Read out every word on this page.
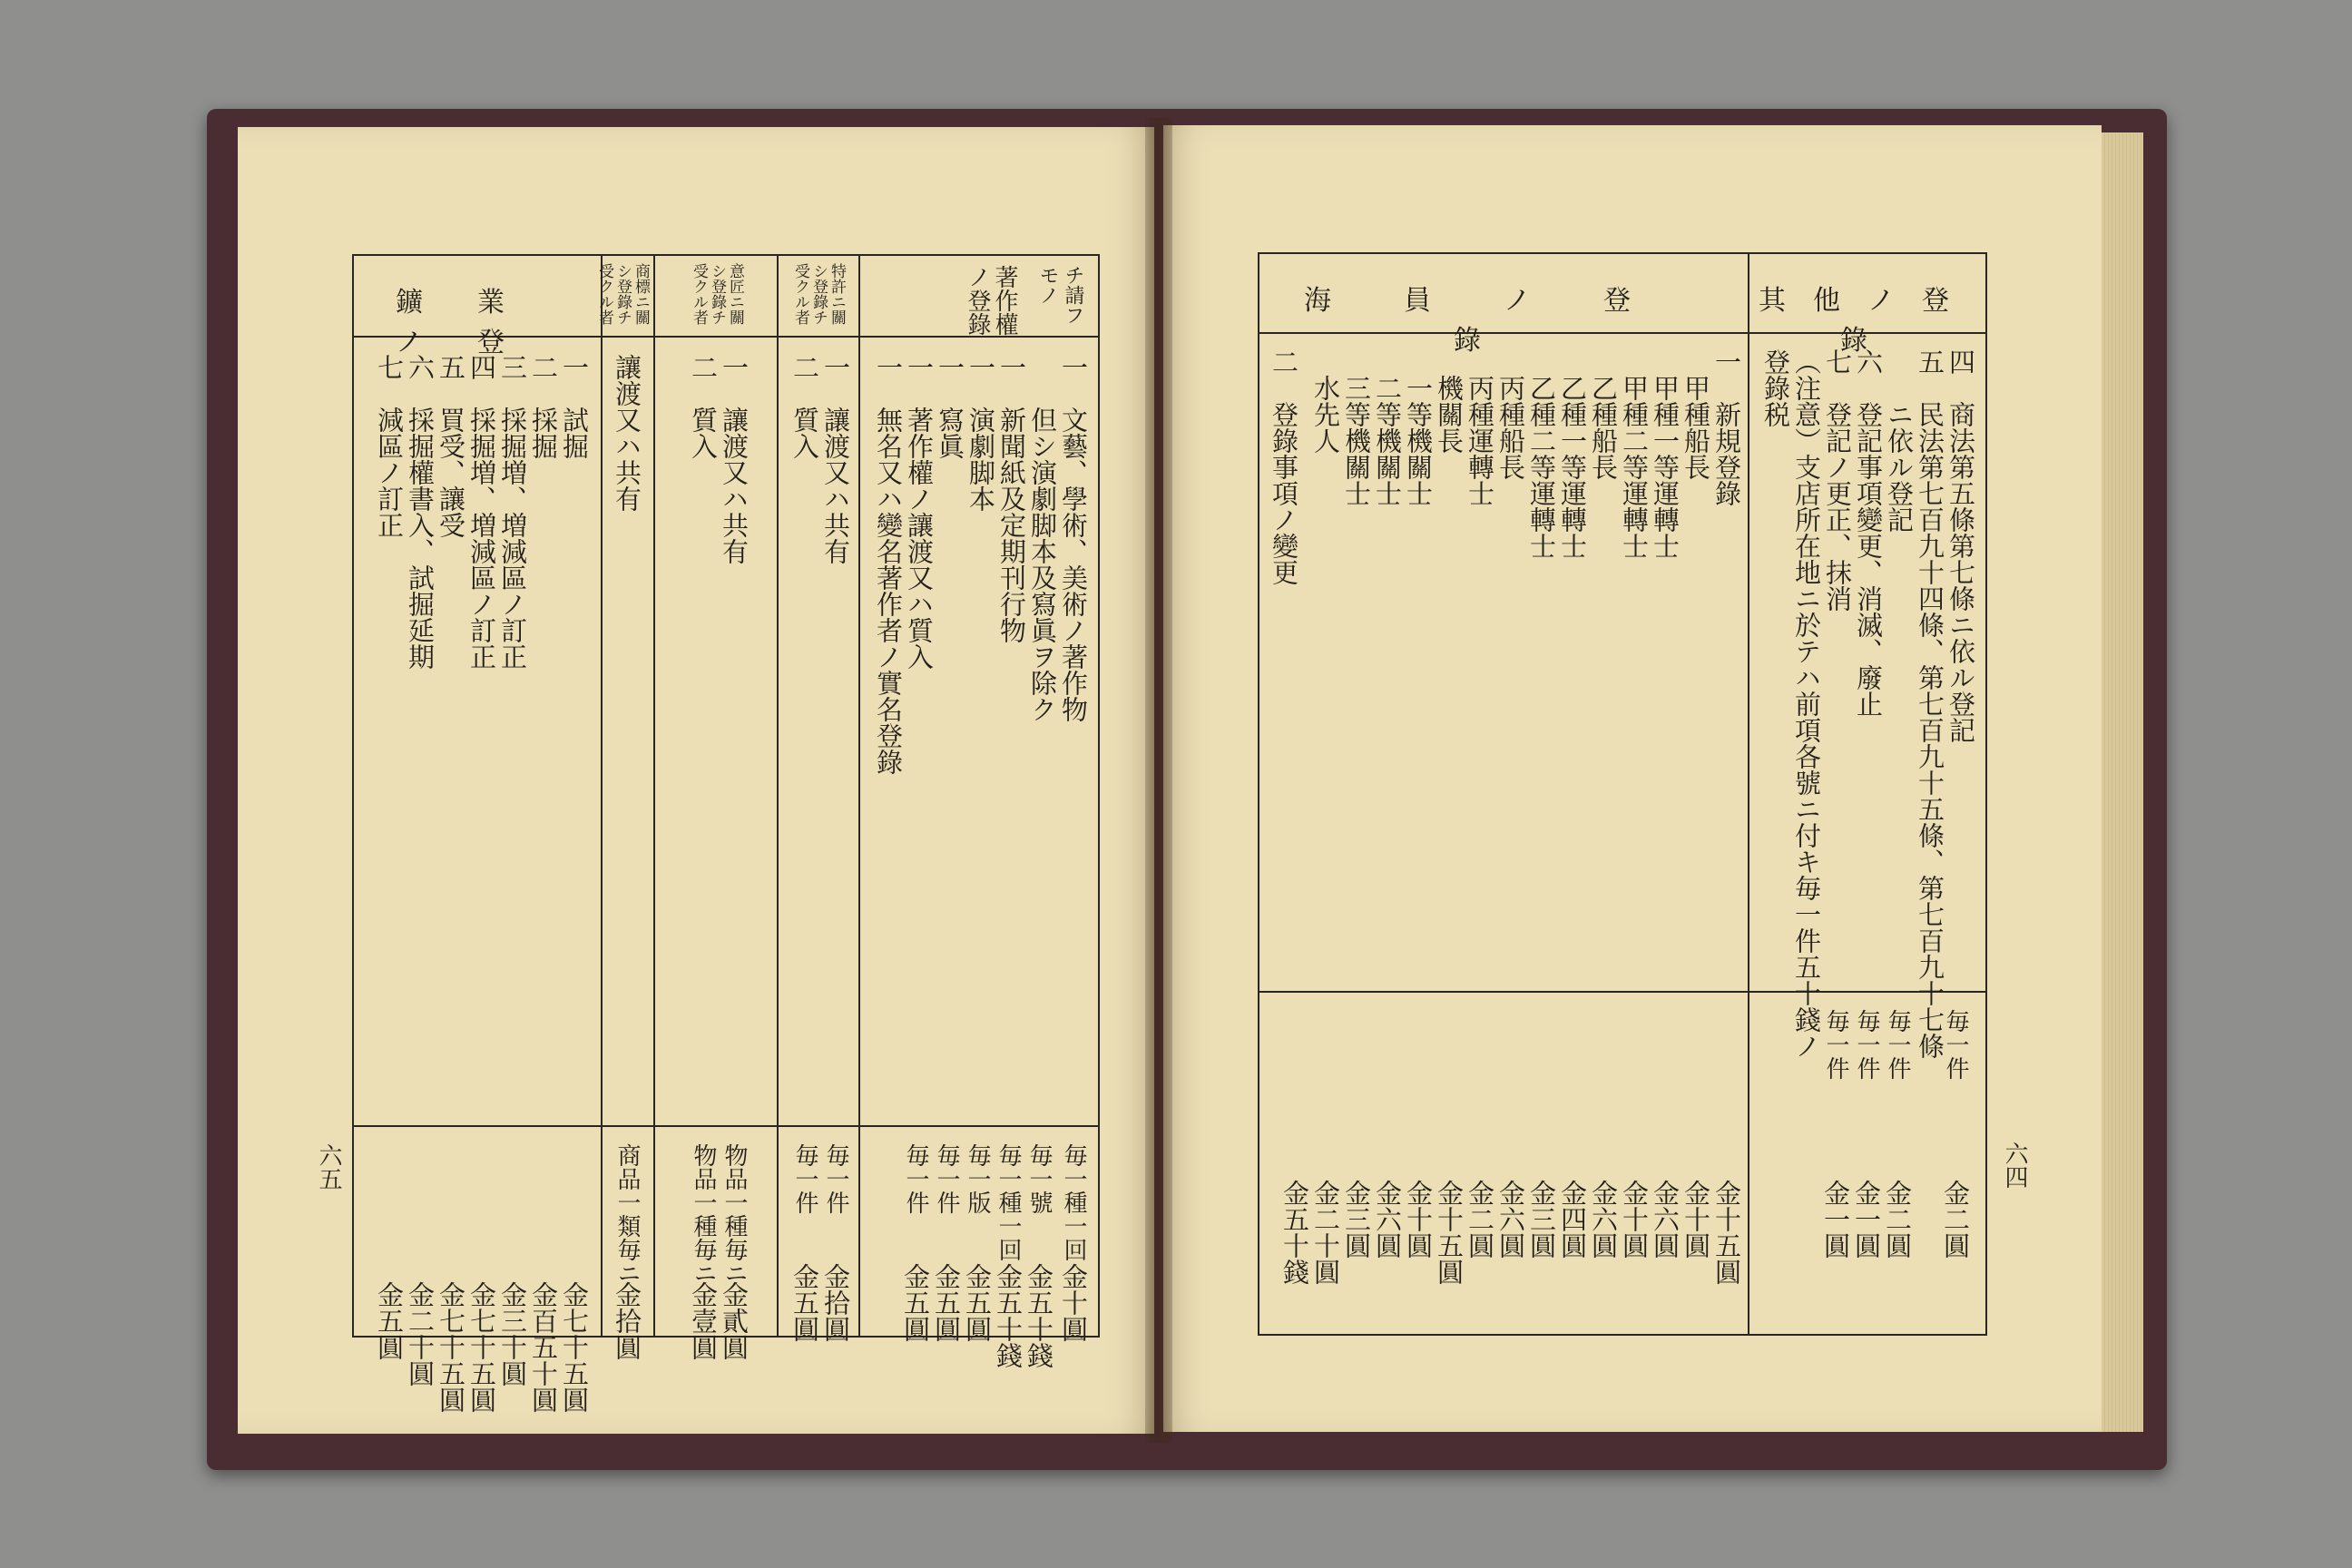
著作權ノ登錄	チ請フモノ
一　文藝、學術、美術ノ著作物
　　但シ演劇脚本及寫眞ヲ除ク
一　新聞紙及定期刊行物
一　演劇脚本
一　寫眞
一　著作權ノ讓渡又ハ質入
一　無名又ハ變名著作者ノ實名登錄
毎一種一回
毎一號
毎一種一回
毎一版
毎一件
毎一件
金十圓
金五十錢
金五十錢
金五圓
金五圓
金五圓
特許ニ關シ登錄チ受クル者
一　讓渡又ハ共有
二　質入
毎一件
毎一件
金拾圓
金五圓
意匠ニ關シ登錄チ受クル者
一　讓渡又ハ共有
二　質入
物品一種毎ニ
物品一種毎ニ
金貳圓
金壹圓
商標ニ關シ登錄チ受クル者
讓渡又ハ共有
商品一類毎ニ
金拾圓
鑛業ノ登
一　試掘
二　採掘
三　採掘増、増減區ノ訂正
四　採掘増、増減區ノ訂正
五　買受、讓受
六　採掘權書入、試掘延期
七　減區ノ訂正
金七十五圓
金百五十圓
金三十圓
金七十五圓
金七十五圓
金二十圓
金五圓
六五
其他ノ登錄
四　商法第五條第七條ニ依ル登記
五　民法第七百九十四條、第七百九十五條、第七百九十七條
　　ニ依ル登記
六　登記事項變更、消滅、廢止
七　登記ノ更正、抹消
（注意）支店所在地ニ於テハ前項各號ニ付キ毎一件五十錢ノ
登錄税
毎一件
毎一件
毎一件
毎一件
金二圓
金二圓
金一圓
金一圓
海員ノ登錄
一　新規登錄
　甲種船長
　甲種一等運轉士
　甲種二等運轉士
　乙種船長
　乙種一等運轉士
　乙種二等運轉士
　丙種船長
　丙種運轉士
　機關長
　一等機關士
　二等機關士
　三等機關士
　水先人
二　登錄事項ノ變更
金十五圓
金十圓
金六圓
金十圓
金六圓
金四圓
金三圓
金六圓
金二圓
金十五圓
金十圓
金六圓
金三圓
金二十圓
金五十錢
六四
